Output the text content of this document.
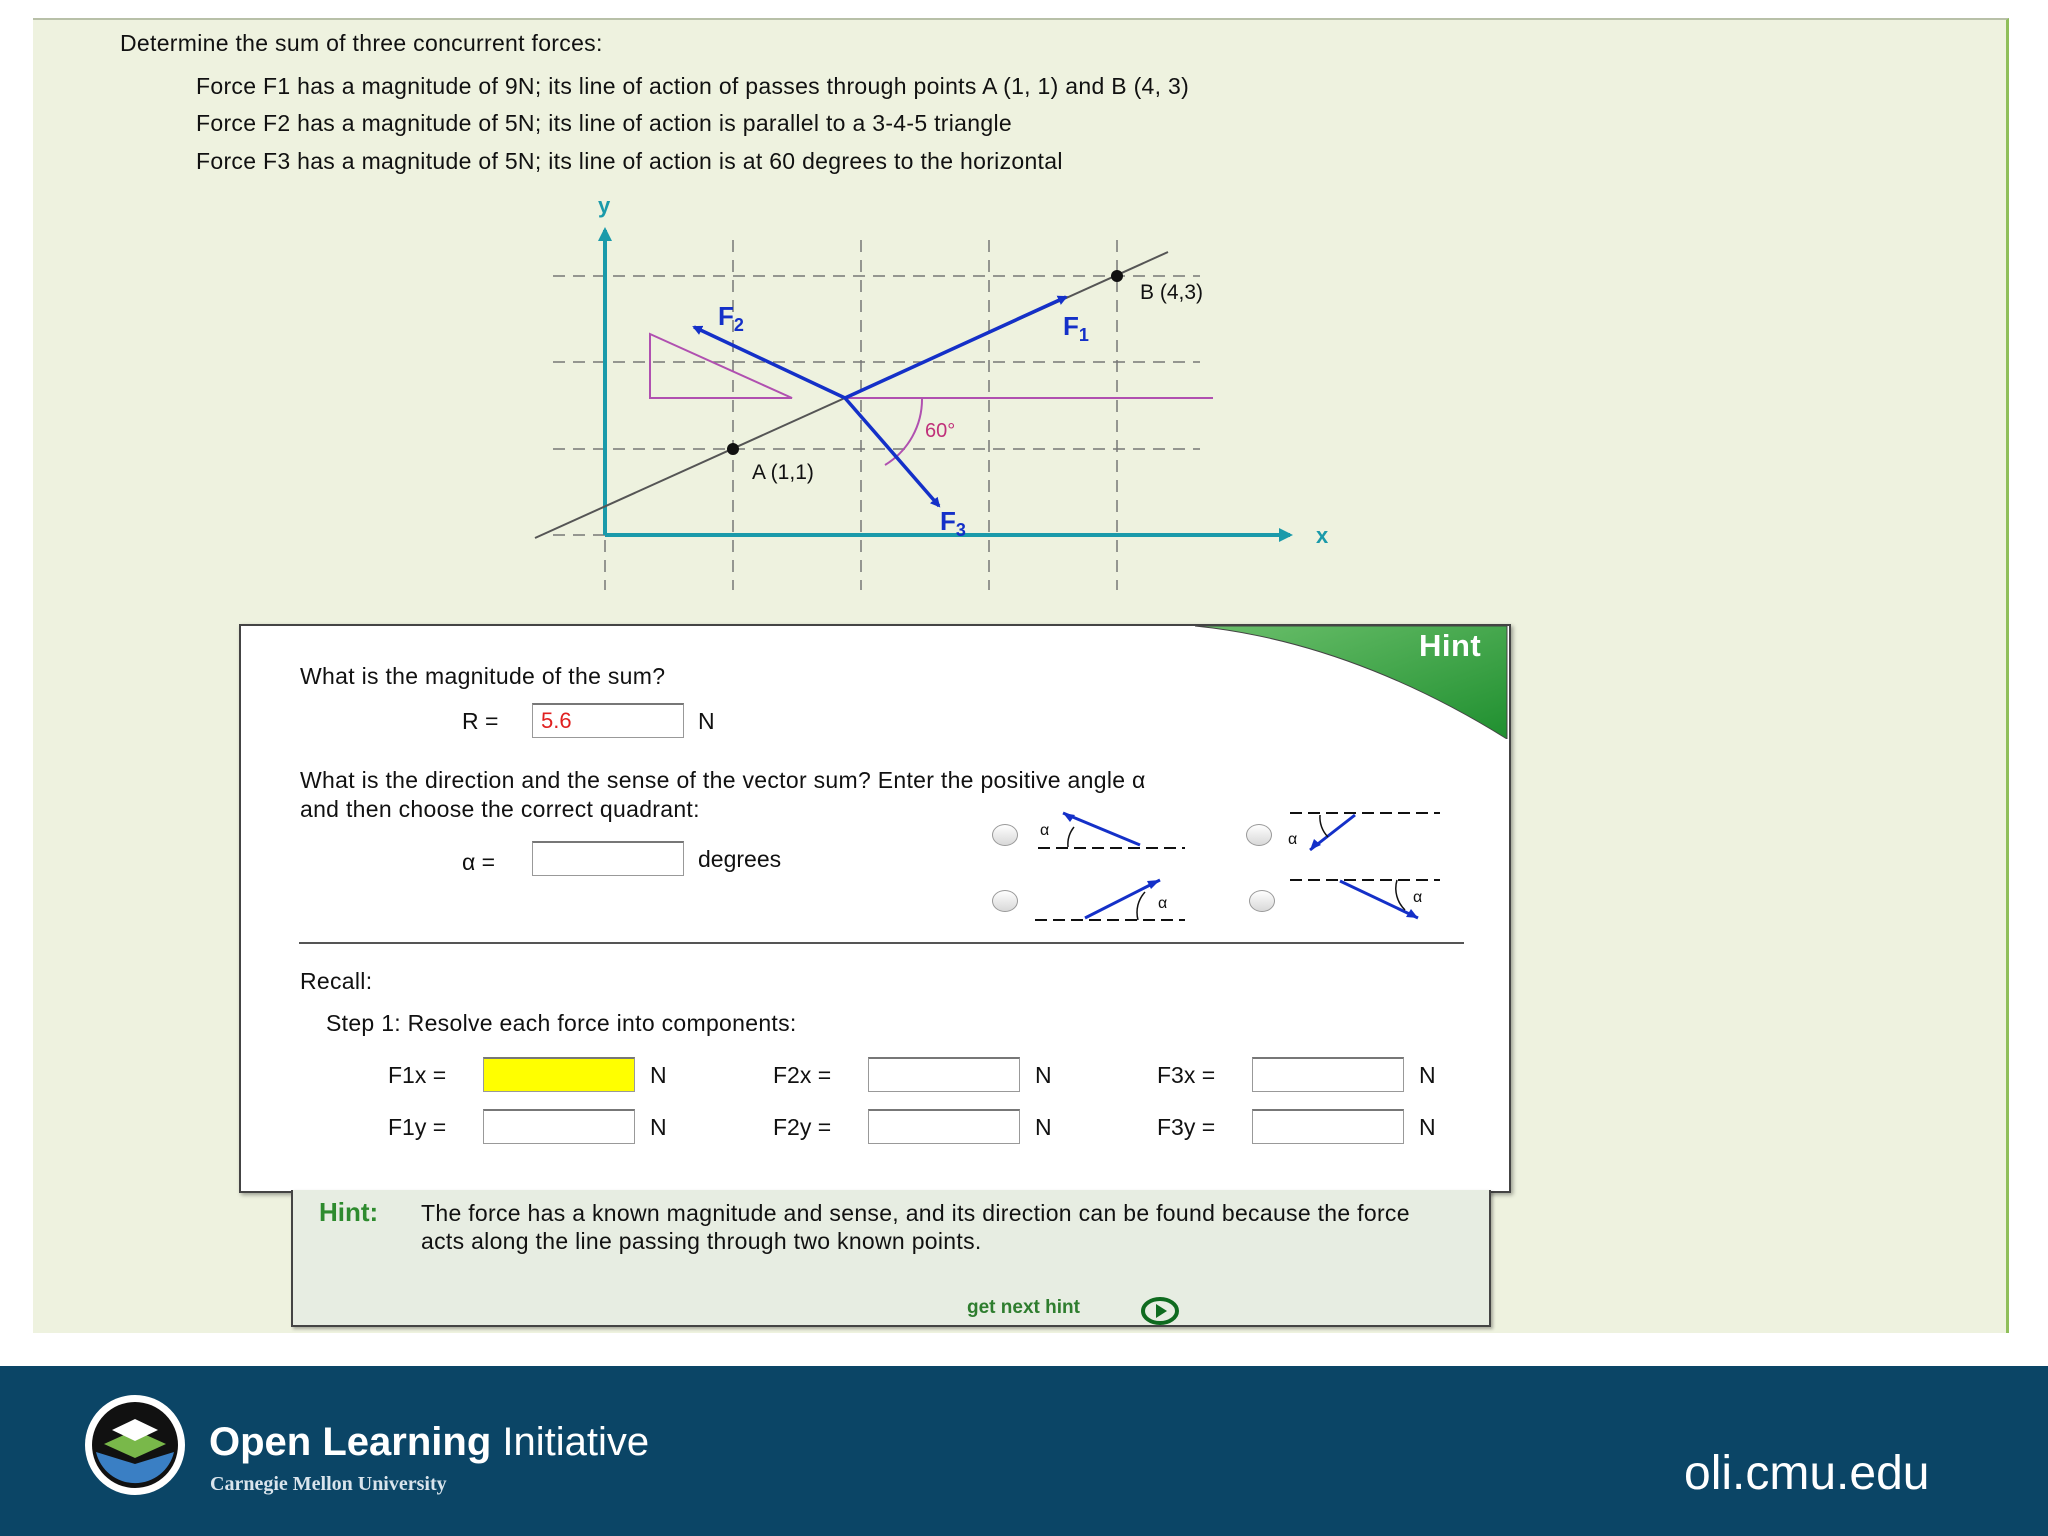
Determine the sum of three concurrent forces:
Force F1 has a magnitude of 9N; its line of action of passes through points A (1, 1) and B (4, 3)
Force F2 has a magnitude of 5N; its line of action is parallel to a 3-4-5 triangle
Force F3 has a magnitude of 5N; its line of action is at 60 degrees to the horizontal
y
x
60°
A (1,1)
B (4,3)
$F_1$
$F_2$
$F_3$
Hint
What is the magnitude of the sum?
R =
5.6	N
What is the direction and the sense of the vector sum? Enter the positive angle α
and then choose the correct quadrant:
α =	degrees
α
α
α	α
Recall:
Step 1: Resolve each force into components:
F1x =	N	F2x =	N	F3x =	N
F1y =	N	F2y =	N	F3y =	N
Hint: The force has a known magnitude and sense, and its direction can be found because the force acts along the line passing through two known points.
get next hint
Open Learning Initiative
Carnegie Mellon University	oli.cmu.edu
